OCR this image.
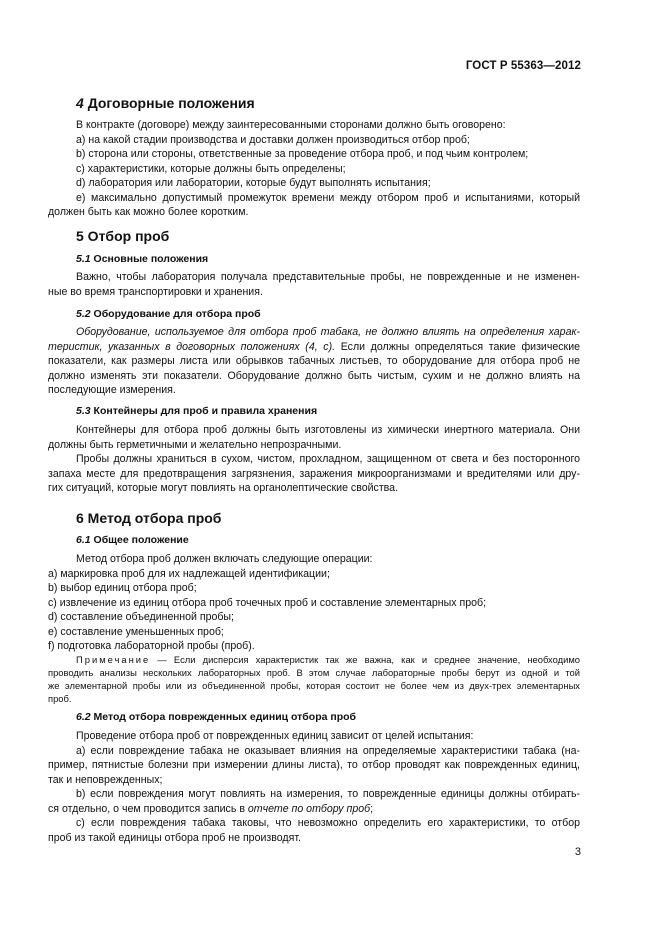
ГОСТ Р 55363—2012
4 Договорные положения
В контракте (договоре) между заинтересованными сторонами должно быть оговорено:
a) на какой стадии производства и доставки должен производиться отбор проб;
b) сторона или стороны, ответственные за проведение отбора проб, и под чьим контролем;
c) характеристики, которые должны быть определены;
d) лаборатория или лаборатории, которые будут выполнять испытания;
e) максимально допустимый промежуток времени между отбором проб и испытаниями, который
должен быть как можно более коротким.
5 Отбор проб
5.1 Основные положения
Важно, чтобы лаборатория получала представительные пробы, не поврежденные и не изменен-
ные во время транспортировки и хранения.
5.2 Оборудование для отбора проб
Оборудование, используемое для отбора проб табака, не должно влиять на определения харак-
теристик, указанных в договорных положениях (4, c). Если должны определяться такие физические
показатели, как размеры листа или обрывков табачных листьев, то оборудование для отбора проб не
должно изменять эти показатели. Оборудование должно быть чистым, сухим и не должно влиять на
последующие измерения.
5.3 Контейнеры для проб и правила хранения
Контейнеры для отбора проб должны быть изготовлены из химически инертного материала. Они
должны быть герметичными и желательно непрозрачными.
Пробы должны храниться в сухом, чистом, прохладном, защищенном от света и без посторонного
запаха месте для предотвращения загрязнения, заражения микроорганизмами и вредителями или дру-
гих ситуаций, которые могут повлиять на органолептические свойства.
6 Метод отбора проб
6.1 Общее положение
Метод отбора проб должен включать следующие операции:
a) маркировка проб для их надлежащей идентификации;
b) выбор единиц отбора проб;
c) извлечение из единиц отбора проб точечных проб и составление элементарных проб;
d) составление объединенной пробы;
e) составление уменьшенных проб;
f) подготовка лабораторной пробы (проб).
Примечание — Если дисперсия характеристик так же важна, как и среднее значение, необходимо
проводить анализы нескольких лабораторных проб. В этом случае лабораторные пробы берут из одной и той
же элементарной пробы или из объединенной пробы, которая состоит не более чем из двух-трех элементарных
проб.
6.2 Метод отбора поврежденных единиц отбора проб
Проведение отбора проб от поврежденных единиц зависит от целей испытания:
а) если повреждение табака не оказывает влияния на определяемые характеристики табака (на-
пример, пятнистые болезни при измерении длины листа), то отбор проводят как поврежденных единиц,
так и неповрежденных;
b) если повреждения могут повлиять на измерения, то поврежденные единицы должны отбирать-
ся отдельно, о чем проводится запись в отчете по отбору проб;
с) если повреждения табака таковы, что невозможно определить его характеристики, то отбор
проб из такой единицы отбора проб не производят.
3
